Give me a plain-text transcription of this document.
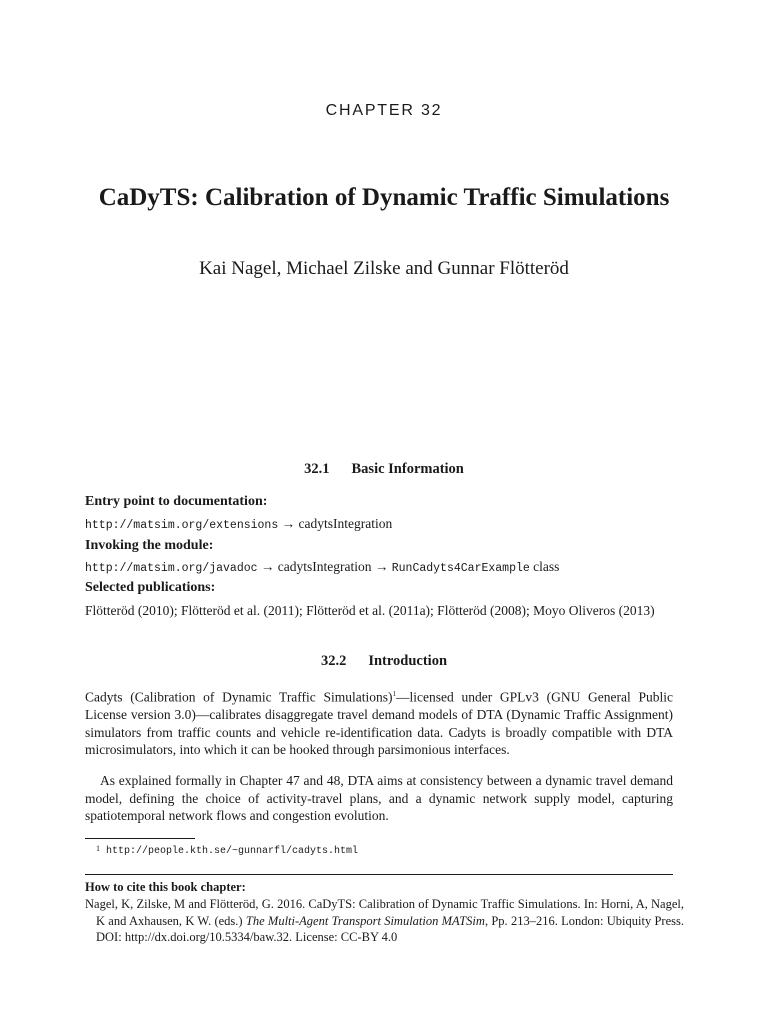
CHAPTER 32
CaDyTS: Calibration of Dynamic Traffic Simulations
Kai Nagel, Michael Zilske and Gunnar Flötteröd
32.1 Basic Information
Entry point to documentation:
http://matsim.org/extensions → cadytsIntegration
Invoking the module:
http://matsim.org/javadoc → cadytsIntegration → RunCadyts4CarExample class
Selected publications:
Flötteröd (2010); Flötteröd et al. (2011); Flötteröd et al. (2011a); Flötteröd (2008); Moyo Oliveros (2013)
32.2 Introduction
Cadyts (Calibration of Dynamic Traffic Simulations)$^1$—licensed under GPLv3 (GNU General Public License version 3.0)—calibrates disaggregate travel demand models of DTA (Dynamic Traffic Assignment) simulators from traffic counts and vehicle re-identification data. Cadyts is broadly compatible with DTA microsimulators, into which it can be hooked through parsimonious interfaces.
As explained formally in Chapter 47 and 48, DTA aims at consistency between a dynamic travel demand model, defining the choice of activity-travel plans, and a dynamic network supply model, capturing spatiotemporal network flows and congestion evolution.
$^1$ http://people.kth.se/~gunnarfl/cadyts.html
How to cite this book chapter:
Nagel, K, Zilske, M and Flötteröd, G. 2016. CaDyTS: Calibration of Dynamic Traffic Simulations. In: Horni, A, Nagel, K and Axhausen, K W. (eds.) The Multi-Agent Transport Simulation MATSim, Pp. 213–216. London: Ubiquity Press. DOI: http://dx.doi.org/10.5334/baw.32. License: CC-BY 4.0
